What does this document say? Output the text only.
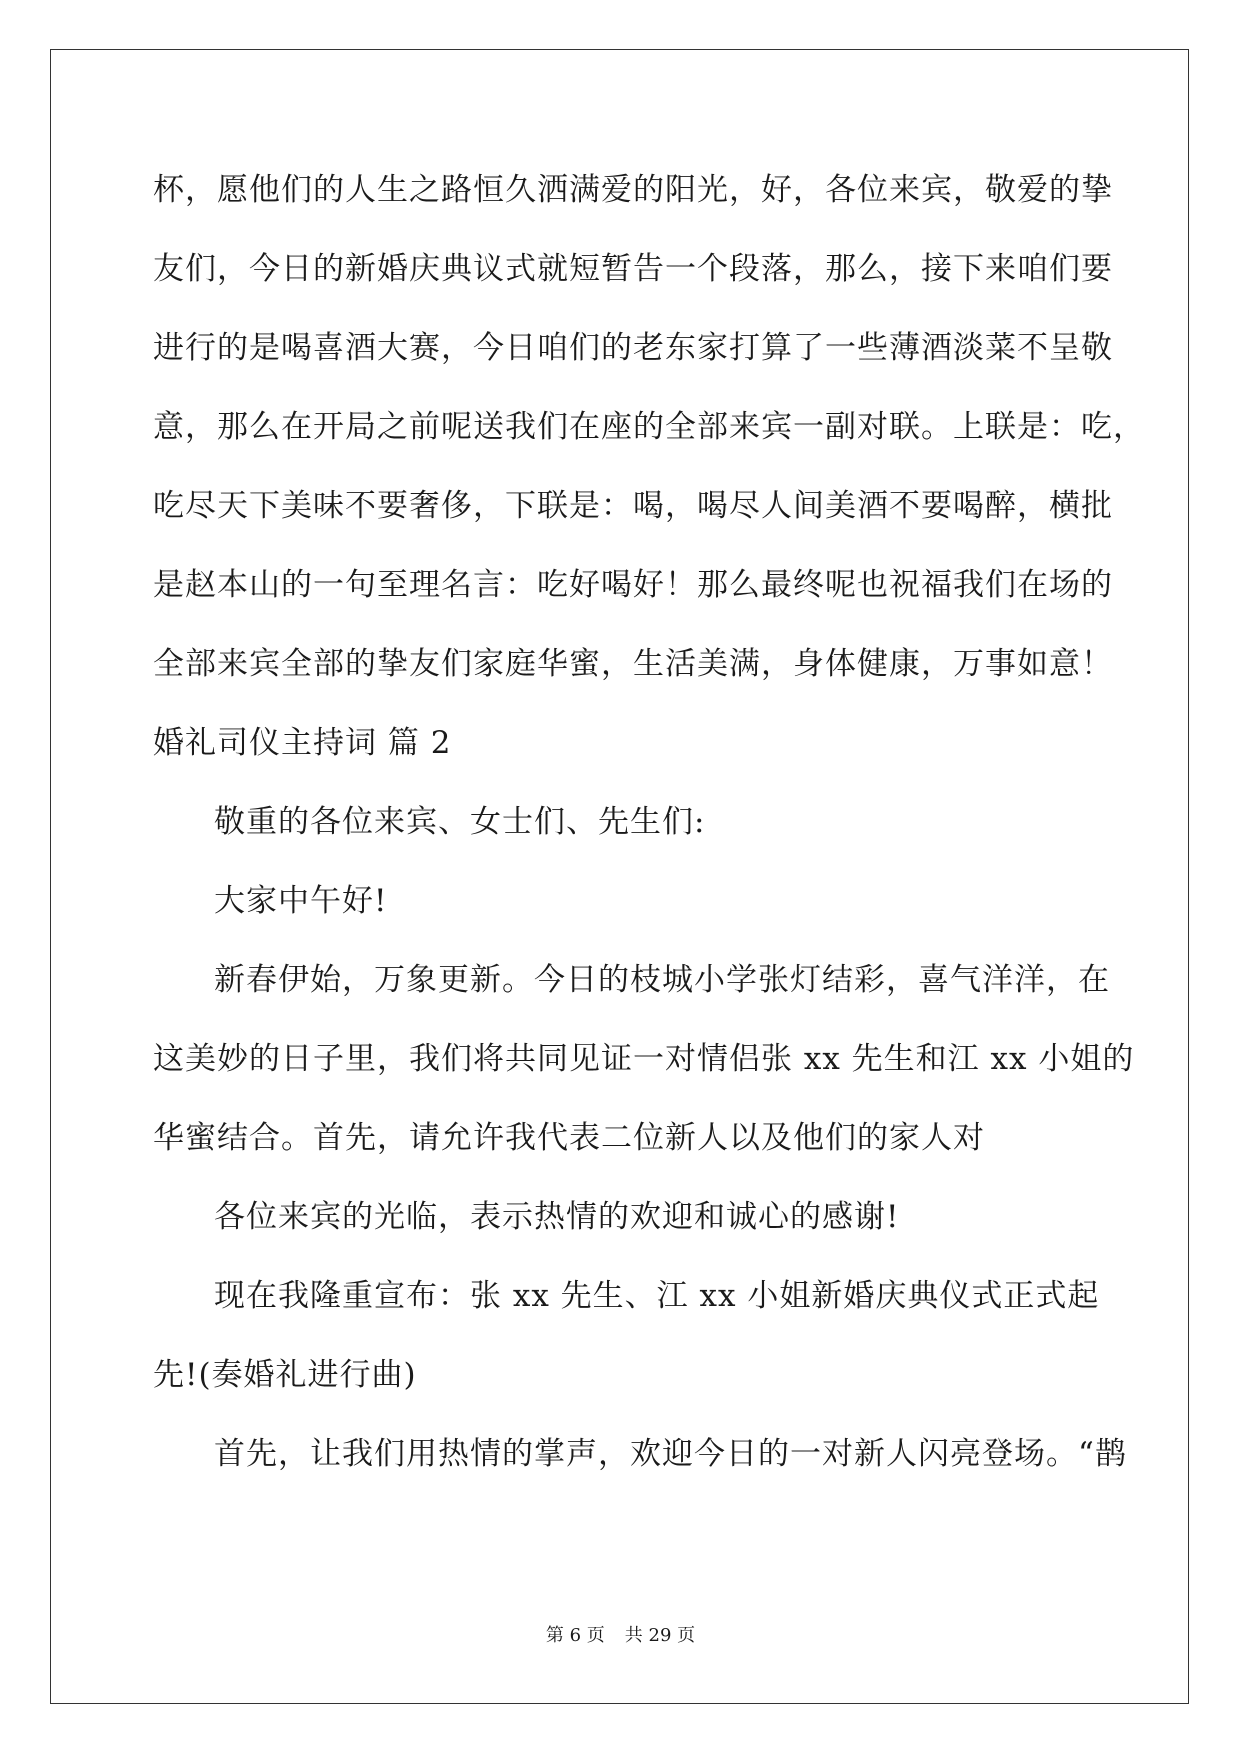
杯，愿他们的人生之路恒久洒满爱的阳光，好，各位来宾，敬爱的挚
友们，今日的新婚庆典议式就短暂告一个段落，那么，接下来咱们要
进行的是喝喜酒大赛，今日咱们的老东家打算了一些薄酒淡菜不呈敬
意，那么在开局之前呢送我们在座的全部来宾一副对联。上联是：吃，
吃尽天下美味不要奢侈，下联是：喝，喝尽人间美酒不要喝醉，横批
是赵本山的一句至理名言：吃好喝好！那么最终呢也祝福我们在场的
全部来宾全部的挚友们家庭华蜜，生活美满，身体健康，万事如意！
婚礼司仪主持词 篇 2
敬重的各位来宾、女士们、先生们:
大家中午好!
新春伊始，万象更新。今日的枝城小学张灯结彩，喜气洋洋，在
这美妙的日子里，我们将共同见证一对情侣张 xx 先生和江 xx 小姐的
华蜜结合。首先，请允许我代表二位新人以及他们的家人对
各位来宾的光临，表示热情的欢迎和诚心的感谢!
现在我隆重宣布：张 xx 先生、江 xx 小姐新婚庆典仪式正式起
先!(奏婚礼进行曲)
首先，让我们用热情的掌声，欢迎今日的一对新人闪亮登场。“鹊
第 6 页 共 29 页
